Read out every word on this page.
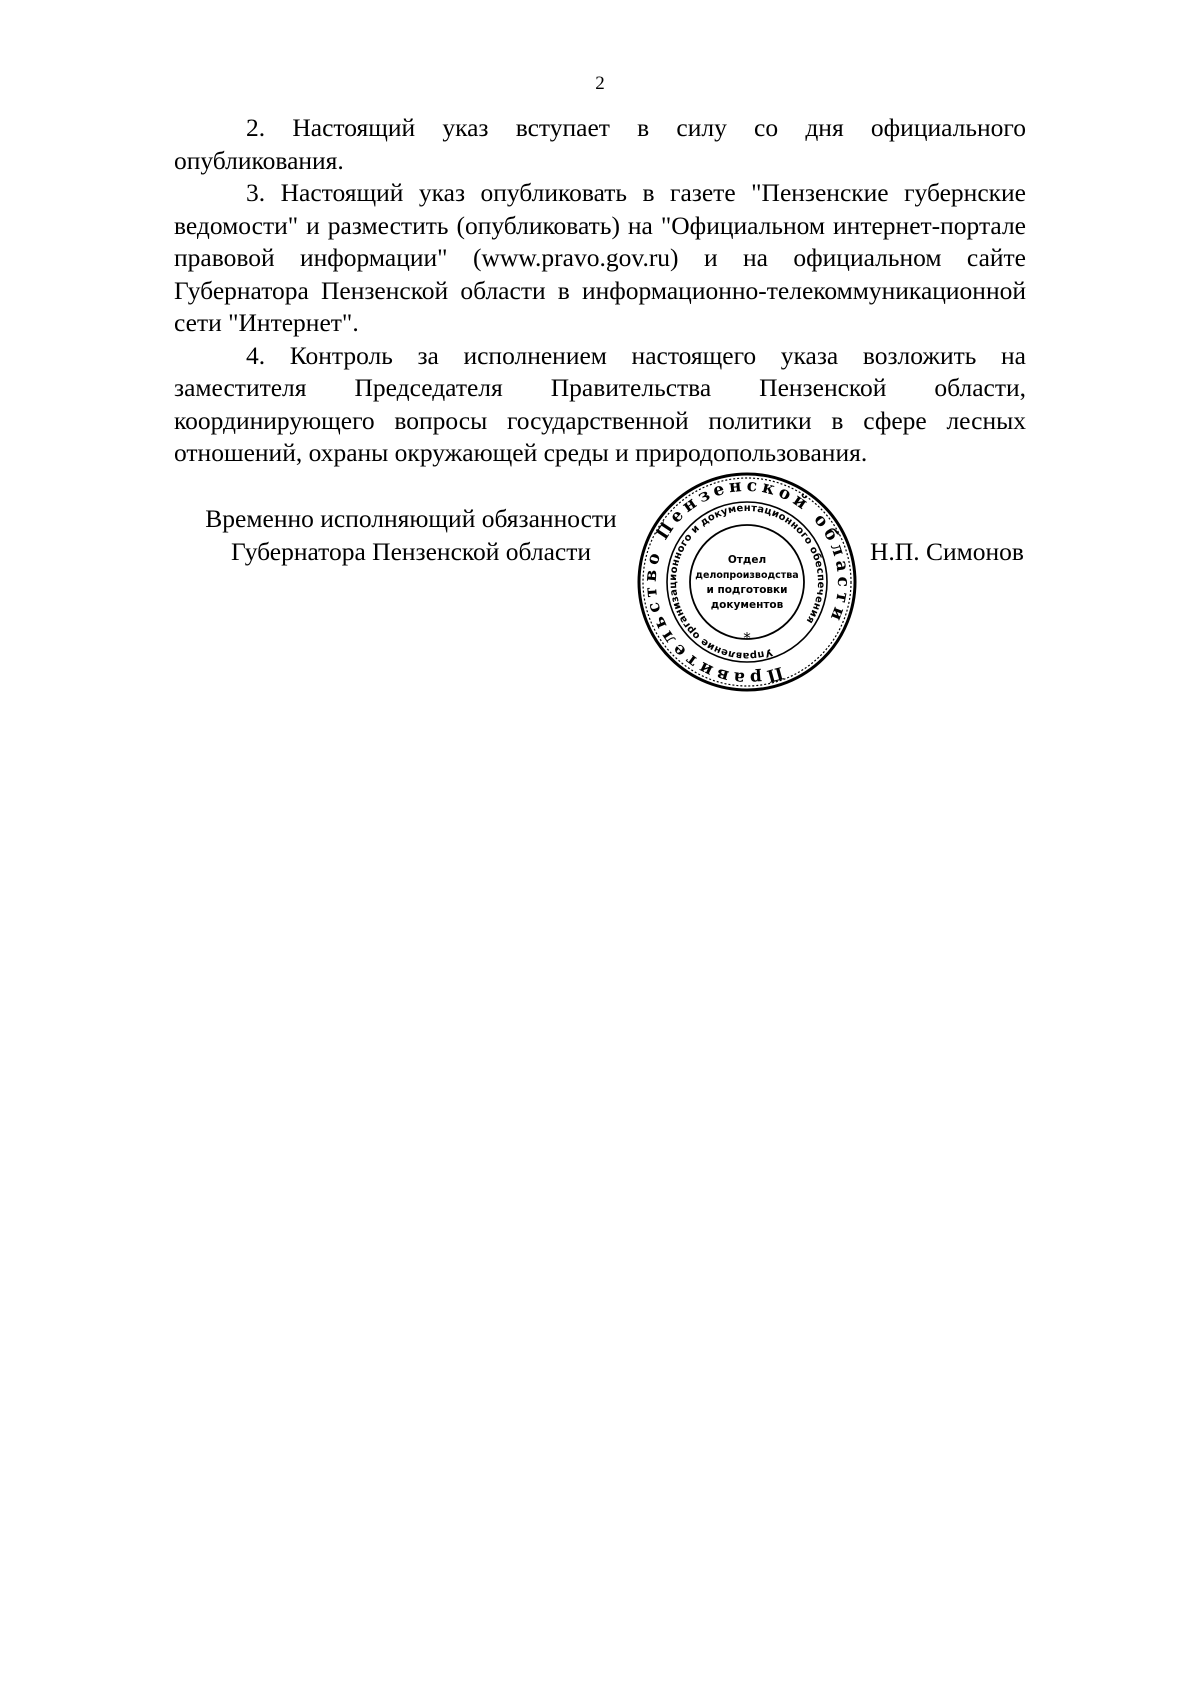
2

2. Настоящий указ вступает в силу со дня официального опубликования.

3. Настоящий указ опубликовать в газете "Пензенские губернские ведомости" и разместить (опубликовать) на "Официальном интернет-портале правовой информации" (www.pravo.gov.ru) и на официальном сайте Губернатора Пензенской области в информационно-телекоммуникационной сети "Интернет".

4. Контроль за исполнением настоящего указа возложить на заместителя Председателя Правительства Пензенской области, координирующего вопросы государственной политики в сфере лесных отношений, охраны окружающей среды и природопользования.

Временно исполняющий обязанности
Губернатора Пензенской области	Н.П. Симонов
Правительство Пензенской области
Управление организационного и документационного обеспечения
*
Отдел
делопроизводства
и подготовки
документов
